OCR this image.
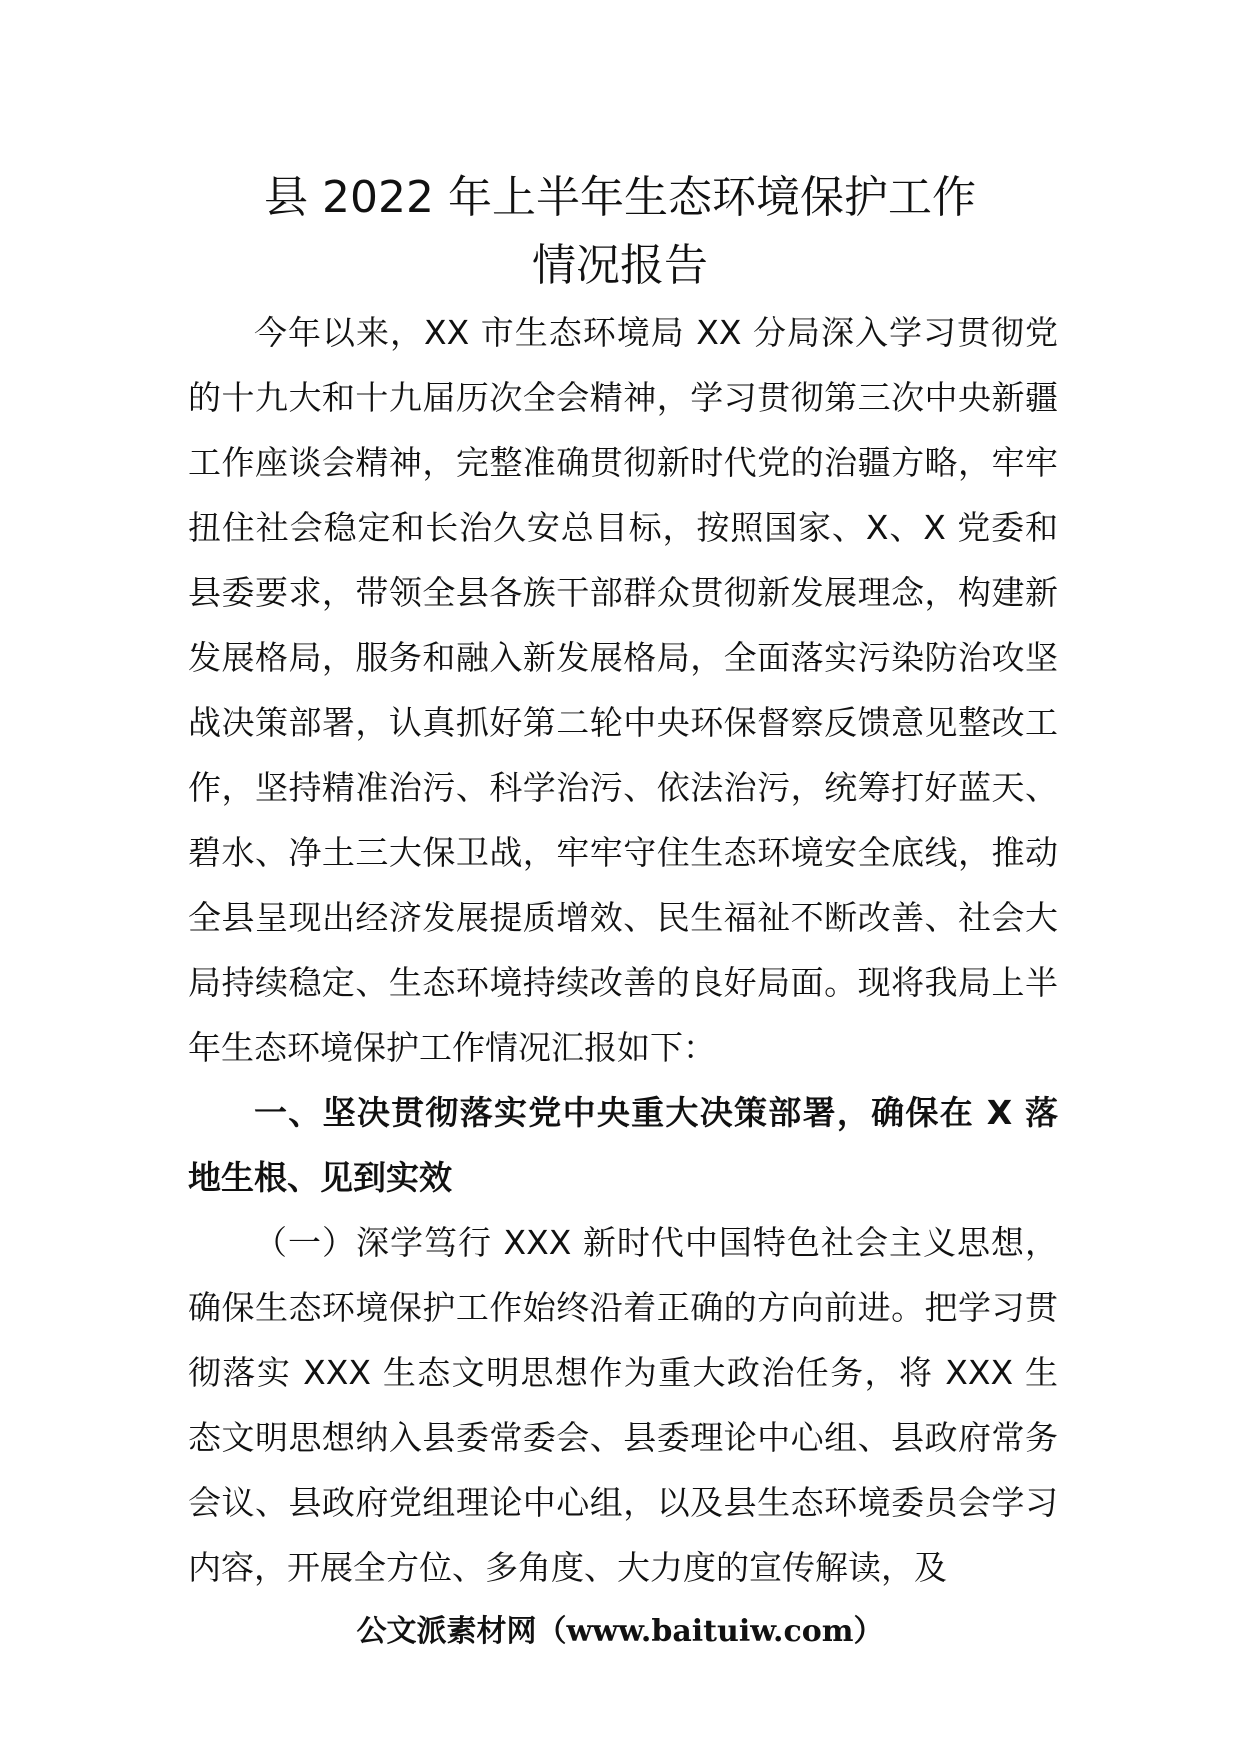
县 2022 年上半年生态环境保护工作
情况报告

今年以来，XX 市生态环境局 XX 分局深入学习贯彻党的十九大和十九届历次全会精神，学习贯彻第三次中央新疆工作座谈会精神，完整准确贯彻新时代党的治疆方略，牢牢扭住社会稳定和长治久安总目标，按照国家、X、X 党委和县委要求，带领全县各族干部群众贯彻新发展理念，构建新发展格局，服务和融入新发展格局，全面落实污染防治攻坚战决策部署，认真抓好第二轮中央环保督察反馈意见整改工作，坚持精准治污、科学治污、依法治污，统筹打好蓝天、碧水、净土三大保卫战，牢牢守住生态环境安全底线，推动全县呈现出经济发展提质增效、民生福祉不断改善、社会大局持续稳定、生态环境持续改善的良好局面。现将我局上半年生态环境保护工作情况汇报如下：

一、坚决贯彻落实党中央重大决策部署，确保在 X 落地生根、见到实效

（一）深学笃行 XXX 新时代中国特色社会主义思想，确保生态环境保护工作始终沿着正确的方向前进。把学习贯彻落实 XXX 生态文明思想作为重大政治任务，将 XXX 生态文明思想纳入县委常委会、县委理论中心组、县政府常务会议、县政府党组理论中心组，以及县生态环境委员会学习内容，开展全方位、多角度、大力度的宣传解读，及

公文派素材网（www.baituiw.com）
